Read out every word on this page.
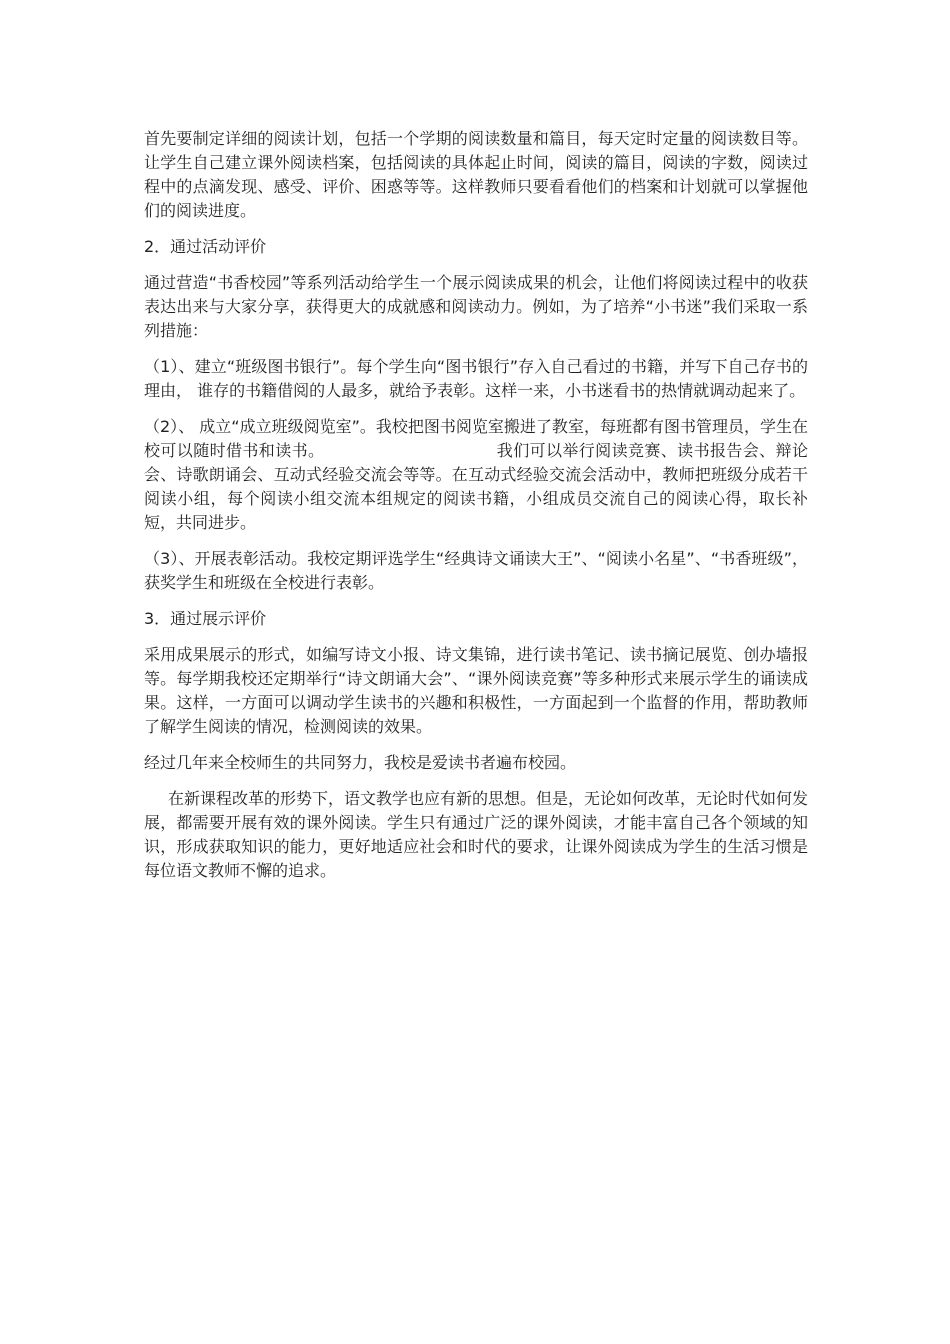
首先要制定详细的阅读计划，包括一个学期的阅读数量和篇目，每天定时定量的阅读数目等。让学生自己建立课外阅读档案，包括阅读的具体起止时间，阅读的篇目，阅读的字数，阅读过程中的点滴发现、感受、评价、困惑等等。这样教师只要看看他们的档案和计划就可以掌握他们的阅读进度。

2．通过活动评价

通过营造“书香校园”等系列活动给学生一个展示阅读成果的机会，让他们将阅读过程中的收获表达出来与大家分享，获得更大的成就感和阅读动力。例如，为了培养“小书迷”我们采取一系列措施：

（1）、建立“班级图书银行”。每个学生向“图书银行”存入自己看过的书籍，并写下自己存书的理由， 谁存的书籍借阅的人最多，就给予表彰。这样一来，小书迷看书的热情就调动起来了。

（2）、 成立“成立班级阅览室”。我校把图书阅览室搬进了教室，每班都有图书管理员，学生在校可以随时借书和读书。	我们可以举行阅读竞赛、读书报告会、辩论会、诗歌朗诵会、互动式经验交流会等等。在互动式经验交流会活动中，教师把班级分成若干阅读小组，每个阅读小组交流本组规定的阅读书籍，小组成员交流自己的阅读心得，取长补短，共同进步。

（3）、开展表彰活动。我校定期评选学生“经典诗文诵读大王”、“阅读小名星”、“书香班级”，获奖学生和班级在全校进行表彰。

3．通过展示评价

采用成果展示的形式，如编写诗文小报、诗文集锦，进行读书笔记、读书摘记展览、创办墙报等。每学期我校还定期举行“诗文朗诵大会”、“课外阅读竞赛”等多种形式来展示学生的诵读成果。这样，一方面可以调动学生读书的兴趣和积极性，一方面起到一个监督的作用，帮助教师了解学生阅读的情况，检测阅读的效果。

经过几年来全校师生的共同努力，我校是爱读书者遍布校园。

在新课程改革的形势下，语文教学也应有新的思想。但是，无论如何改革，无论时代如何发展，都需要开展有效的课外阅读。学生只有通过广泛的课外阅读，才能丰富自己各个领域的知识，形成获取知识的能力，更好地适应社会和时代的要求，让课外阅读成为学生的生活习惯是每位语文教师不懈的追求。
